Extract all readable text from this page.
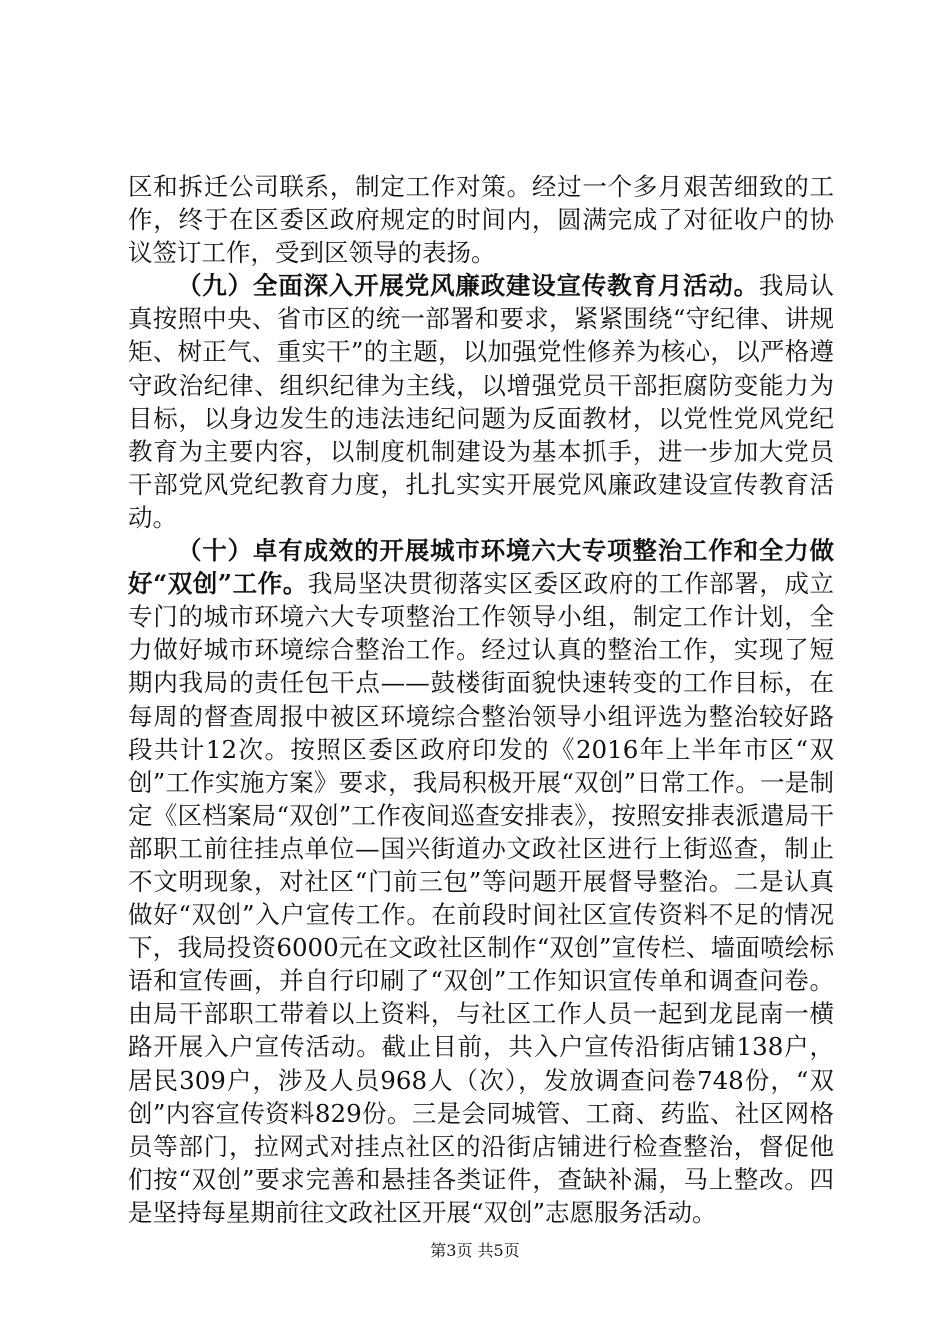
区和拆迁公司联系，制定工作对策。经过一个多月艰苦细致的工作，终于在区委区政府规定的时间内，圆满完成了对征收户的协议签订工作，受到区领导的表扬。

（九）全面深入开展党风廉政建设宣传教育月活动。我局认真按照中央、省市区的统一部署和要求，紧紧围绕“守纪律、讲规矩、树正气、重实干”的主题，以加强党性修养为核心，以严格遵守政治纪律、组织纪律为主线，以增强党员干部拒腐防变能力为目标，以身边发生的违法违纪问题为反面教材，以党性党风党纪教育为主要内容，以制度机制建设为基本抓手，进一步加大党员干部党风党纪教育力度，扎扎实实开展党风廉政建设宣传教育活动。

（十）卓有成效的开展城市环境六大专项整治工作和全力做好“双创”工作。我局坚决贯彻落实区委区政府的工作部署，成立专门的城市环境六大专项整治工作领导小组，制定工作计划，全力做好城市环境综合整治工作。经过认真的整治工作，实现了短期内我局的责任包干点——鼓楼街面貌快速转变的工作目标，在每周的督查周报中被区环境综合整治领导小组评选为整治较好路段共计12次。按照区委区政府印发的《2016年上半年市区“双创”工作实施方案》要求，我局积极开展“双创”日常工作。一是制定《区档案局“双创”工作夜间巡查安排表》，按照安排表派遣局干部职工前往挂点单位—国兴街道办文政社区进行上街巡查，制止不文明现象，对社区“门前三包”等问题开展督导整治。二是认真做好“双创”入户宣传工作。在前段时间社区宣传资料不足的情况下，我局投资6000元在文政社区制作“双创”宣传栏、墙面喷绘标语和宣传画，并自行印刷了“双创”工作知识宣传单和调查问卷。由局干部职工带着以上资料，与社区工作人员一起到龙昆南一横路开展入户宣传活动。截止目前，共入户宣传沿街店铺138户，居民309户，涉及人员968人（次），发放调查问卷748份，“双创”内容宣传资料829份。三是会同城管、工商、药监、社区网格员等部门，拉网式对挂点社区的沿街店铺进行检查整治，督促他们按“双创”要求完善和悬挂各类证件，查缺补漏，马上整改。四是坚持每星期前往文政社区开展“双创”志愿服务活动。

第3页 共5页
